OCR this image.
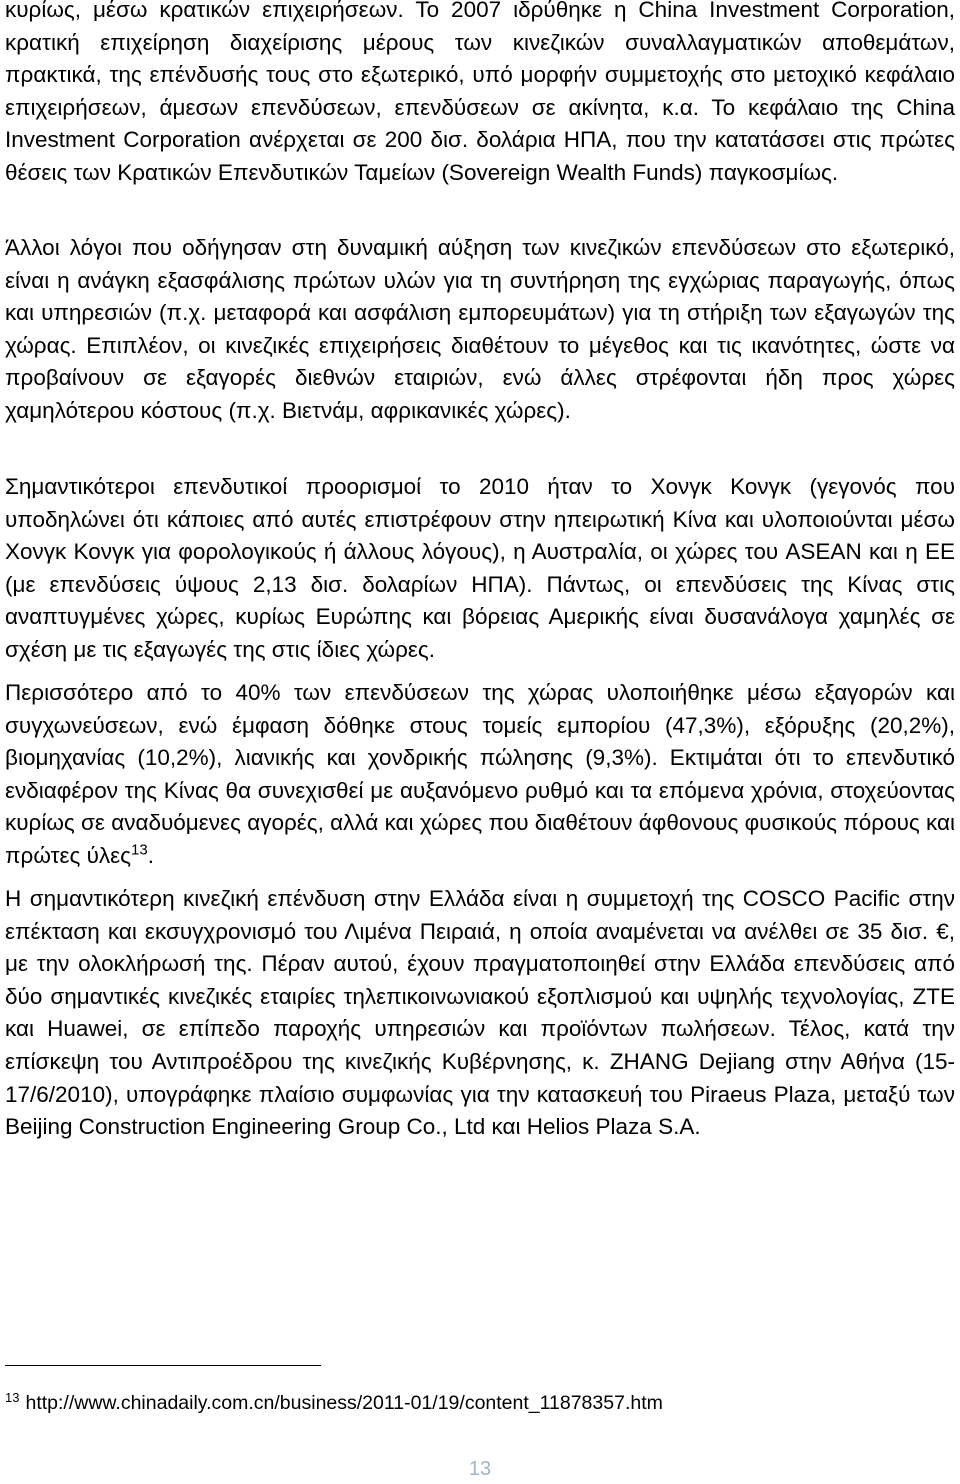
κυρίως, μέσω κρατικών επιχειρήσεων. Το 2007 ιδρύθηκε η China Investment Corporation, κρατική επιχείρηση διαχείρισης μέρους των κινεζικών συναλλαγματικών αποθεμάτων, πρακτικά, της επένδυσής τους στο εξωτερικό, υπό μορφήν συμμετοχής στο μετοχικό κεφάλαιο επιχειρήσεων, άμεσων επενδύσεων, επενδύσεων σε ακίνητα, κ.α. Το κεφάλαιο της China Investment Corporation ανέρχεται σε 200 δισ. δολάρια ΗΠΑ, που την κατατάσσει στις πρώτες θέσεις των Κρατικών Επενδυτικών Ταμείων (Sovereign Wealth Funds) παγκοσμίως.

Άλλοι λόγοι που οδήγησαν στη δυναμική αύξηση των κινεζικών επενδύσεων στο εξωτερικό, είναι η ανάγκη εξασφάλισης πρώτων υλών για τη συντήρηση της εγχώριας παραγωγής, όπως και υπηρεσιών (π.χ. μεταφορά και ασφάλιση εμπορευμάτων) για τη στήριξη των εξαγωγών της χώρας. Επιπλέον, οι κινεζικές επιχειρήσεις διαθέτουν το μέγεθος και τις ικανότητες, ώστε να προβαίνουν σε εξαγορές διεθνών εταιριών, ενώ άλλες στρέφονται ήδη προς χώρες χαμηλότερου κόστους (π.χ. Βιετνάμ, αφρικανικές χώρες).

Σημαντικότεροι επενδυτικοί προορισμοί το 2010 ήταν το Χονγκ Κονγκ (γεγονός που υποδηλώνει ότι κάποιες από αυτές επιστρέφουν στην ηπειρωτική Κίνα και υλοποιούνται μέσω Χονγκ Κονγκ για φορολογικούς ή άλλους λόγους), η Αυστραλία, οι χώρες του ASEAN και η ΕΕ (με επενδύσεις ύψους 2,13 δισ. δολαρίων ΗΠΑ). Πάντως, οι επενδύσεις της Κίνας στις αναπτυγμένες χώρες, κυρίως Ευρώπης και βόρειας Αμερικής είναι δυσανάλογα χαμηλές σε σχέση με τις εξαγωγές της στις ίδιες χώρες.

Περισσότερο από το 40% των επενδύσεων της χώρας υλοποιήθηκε μέσω εξαγορών και συγχωνεύσεων, ενώ έμφαση δόθηκε στους τομείς εμπορίου (47,3%), εξόρυξης (20,2%), βιομηχανίας (10,2%), λιανικής και χονδρικής πώλησης (9,3%). Εκτιμάται ότι το επενδυτικό ενδιαφέρον της Κίνας θα συνεχισθεί με αυξανόμενο ρυθμό και τα επόμενα χρόνια, στοχεύοντας κυρίως σε αναδυόμενες αγορές, αλλά και χώρες που διαθέτουν άφθονους φυσικούς πόρους και πρώτες ύλες$^{13}$.

Η σημαντικότερη κινεζική επένδυση στην Ελλάδα είναι η συμμετοχή της COSCO Pacific στην επέκταση και εκσυγχρονισμό του Λιμένα Πειραιά, η οποία αναμένεται να ανέλθει σε 35 δισ. €, με την ολοκλήρωσή της. Πέραν αυτού, έχουν πραγματοποιηθεί στην Ελλάδα επενδύσεις από δύο σημαντικές κινεζικές εταιρίες τηλεπικοινωνιακού εξοπλισμού και υψηλής τεχνολογίας, ZTE και Huawei, σε επίπεδο παροχής υπηρεσιών και προϊόντων πωλήσεων. Τέλος, κατά την επίσκεψη του Αντιπροέδρου της κινεζικής Κυβέρνησης, κ. ZHANG Dejiang στην Αθήνα (15-17/6/2010), υπογράφηκε πλαίσιο συμφωνίας για την κατασκευή του Piraeus Plaza, μεταξύ των Beijing Construction Engineering Group Co., Ltd και Helios Plaza S.A.

$^{13}$ http://www.chinadaily.com.cn/business/2011-01/19/content_11878357.htm
13
